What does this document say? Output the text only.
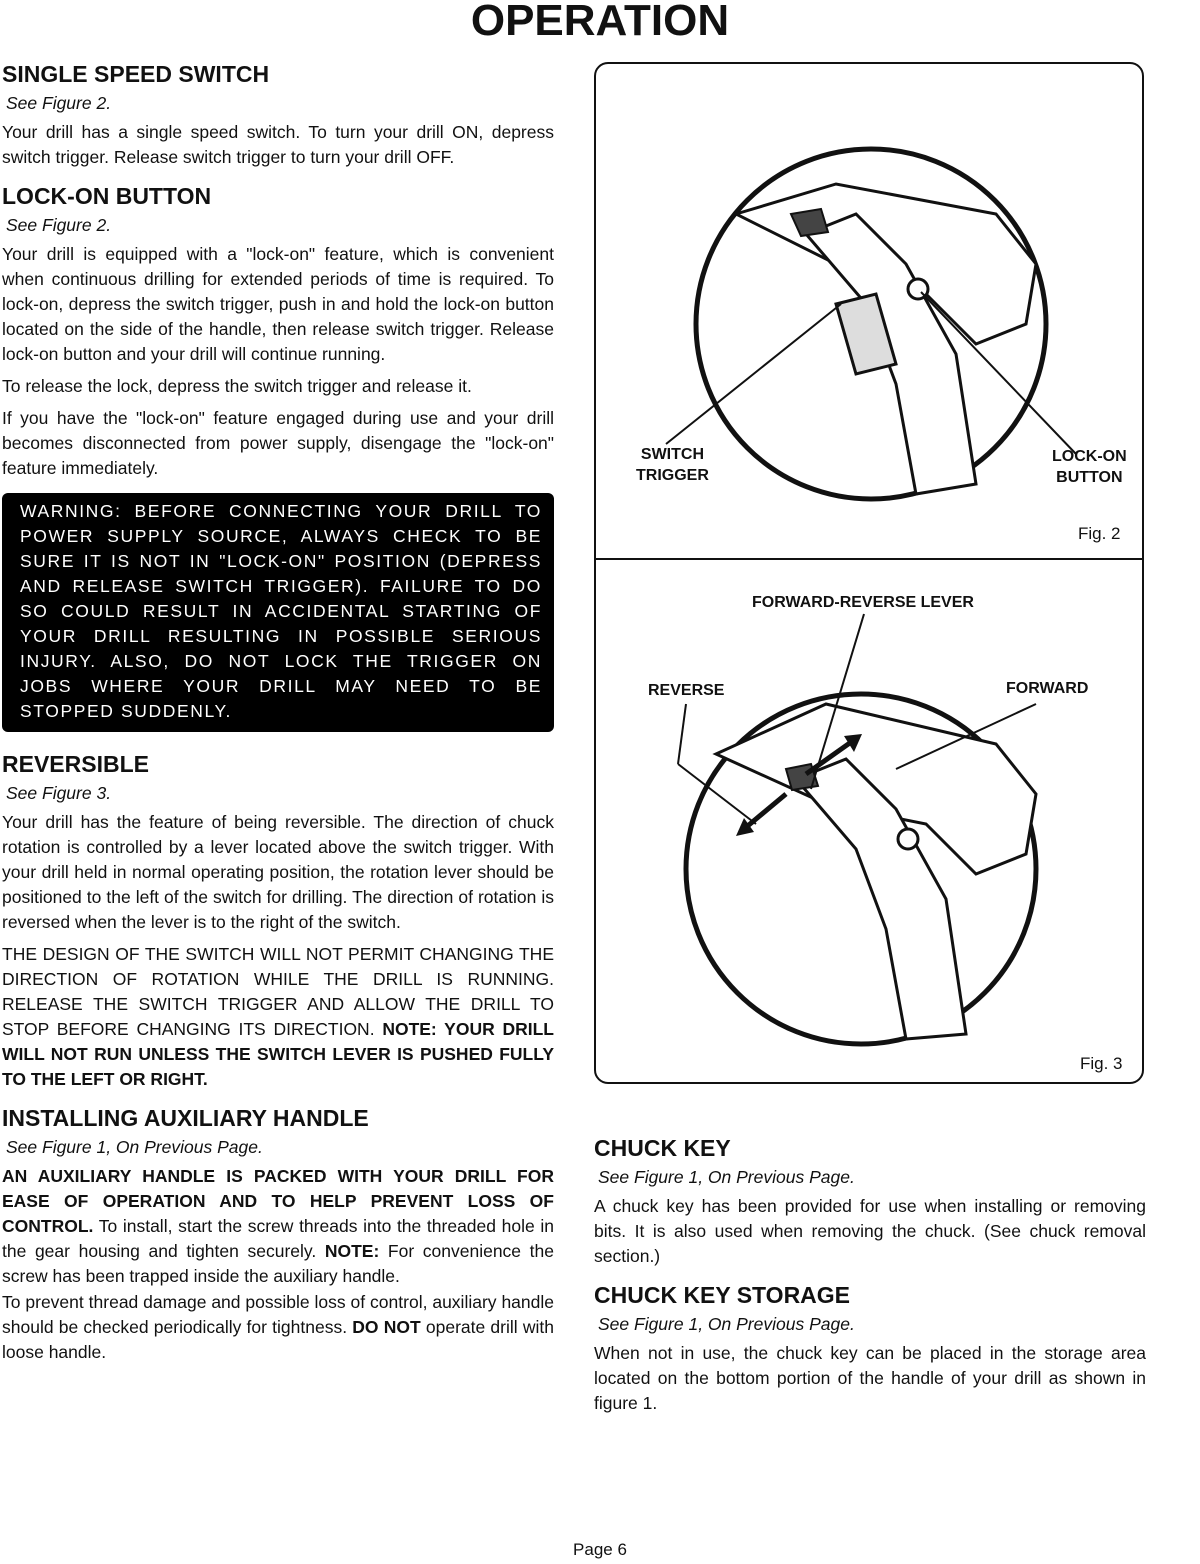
OPERATION
SINGLE SPEED SWITCH
See Figure 2.

Your drill has a single speed switch. To turn your drill ON, depress switch trigger. Release switch trigger to turn your drill OFF.

LOCK-ON BUTTON
See Figure 2.

Your drill is equipped with a "lock-on" feature, which is convenient when continuous drilling for extended periods of time is required. To lock-on, depress the switch trigger, push in and hold the lock-on button located on the side of the handle, then release switch trigger. Release lock-on button and your drill will continue running.

To release the lock, depress the switch trigger and release it.

If you have the "lock-on" feature engaged during use and your drill becomes disconnected from power supply, disengage the "lock-on" feature immediately.

WARNING: BEFORE CONNECTING YOUR DRILL TO POWER SUPPLY SOURCE, ALWAYS CHECK TO BE SURE IT IS NOT IN "LOCK-ON" POSITION (DEPRESS AND RELEASE SWITCH TRIGGER). FAILURE TO DO SO COULD RESULT IN ACCIDENTAL STARTING OF YOUR DRILL RESULTING IN POSSIBLE SERIOUS INJURY. ALSO, DO NOT LOCK THE TRIGGER ON JOBS WHERE YOUR DRILL MAY NEED TO BE STOPPED SUDDENLY.
REVERSIBLE
See Figure 3.

Your drill has the feature of being reversible. The direction of chuck rotation is controlled by a lever located above the switch trigger. With your drill held in normal operating position, the rotation lever should be positioned to the left of the switch for drilling. The direction of rotation is reversed when the lever is to the right of the switch.

THE DESIGN OF THE SWITCH WILL NOT PERMIT CHANGING THE DIRECTION OF ROTATION WHILE THE DRILL IS RUNNING. RELEASE THE SWITCH TRIGGER AND ALLOW THE DRILL TO STOP BEFORE CHANGING ITS DIRECTION. NOTE: YOUR DRILL WILL NOT RUN UNLESS THE SWITCH LEVER IS PUSHED FULLY TO THE LEFT OR RIGHT.

INSTALLING AUXILIARY HANDLE
See Figure 1, On Previous Page.

AN AUXILIARY HANDLE IS PACKED WITH YOUR DRILL FOR EASE OF OPERATION AND TO HELP PREVENT LOSS OF CONTROL. To install, start the screw threads into the threaded hole in the gear housing and tighten securely. NOTE: For convenience the screw has been trapped inside the auxiliary handle.

To prevent thread damage and possible loss of control, auxiliary handle should be checked periodically for tightness. DO NOT operate drill with loose handle.

SWITCH
TRIGGER
LOCK-ON
BUTTON
Fig. 2
FORWARD-REVERSE LEVER
REVERSE	FORWARD
Fig. 3
CHUCK KEY
See Figure 1, On Previous Page.

A chuck key has been provided for use when installing or removing bits. It is also used when removing the chuck. (See chuck removal section.)

CHUCK KEY STORAGE
See Figure 1, On Previous Page.

When not in use, the chuck key can be placed in the storage area located on the bottom portion of the handle of your drill as shown in figure 1.

Page 6
